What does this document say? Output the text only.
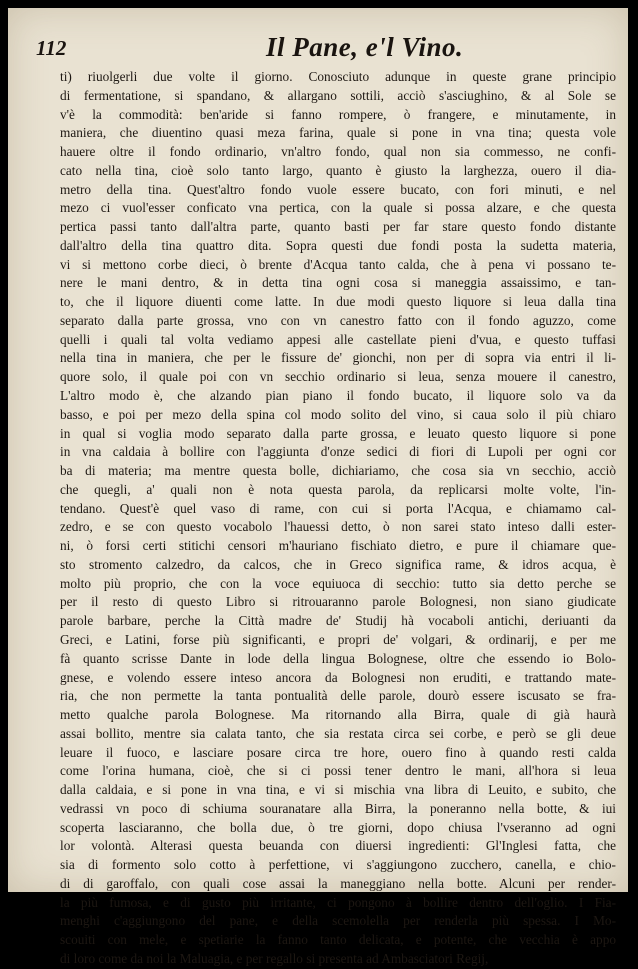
112	Il Pane, e'l Vino.
ti) riuolgerli due volte il giorno. Conosciuto adunque in queste grane principio
di fermentatione, si spandano, & allargano sottili, acciò s'asciughino, & al Sole se
v'è la commodità: ben'aride si fanno rompere, ò frangere, e minutamente, in
maniera, che diuentino quasi meza farina, quale si pone in vna tina; questa vole
hauere oltre il fondo ordinario, vn'altro fondo, qual non sia commesso, ne confi-
cato nella tina, cioè solo tanto largo, quanto è giusto la larghezza, ouero il dia-
metro della tina. Quest'altro fondo vuole essere bucato, con fori minuti, e nel
mezo ci vuol'esser conficato vna pertica, con la quale si possa alzare, e che questa
pertica passi tanto dall'altra parte, quanto basti per far stare questo fondo distante
dall'altro della tina quattro dita. Sopra questi due fondi posta la sudetta materia,
vi si mettono corbe dieci, ò brente d'Acqua tanto calda, che à pena vi possano te-
nere le mani dentro, & in detta tina ogni cosa si maneggia assaissimo, e tan-
to, che il liquore diuenti come latte. In due modi questo liquore si leua dalla tina
separato dalla parte grossa, vno con vn canestro fatto con il fondo aguzzo, come
quelli i quali tal volta vediamo appesi alle castellate pieni d'vua, e questo tuffasi
nella tina in maniera, che per le fissure de' gionchi, non per di sopra via entri il li-
quore solo, il quale poi con vn secchio ordinario si leua, senza mouere il canestro,
L'altro modo è, che alzando pian piano il fondo bucato, il liquore solo va da
basso, e poi per mezo della spina col modo solito del vino, si caua solo il più chiaro
in qual si voglia modo separato dalla parte grossa, e leuato questo liquore si pone
in vna caldaia à bollire con l'aggiunta d'onze sedici di fiori di Lupoli per ogni cor
ba di materia; ma mentre questa bolle, dichiariamo, che cosa sia vn secchio, acciò
che quegli, a' quali non è nota questa parola, da replicarsi molte volte, l'in-
tendano. Quest'è quel vaso di rame, con cui si porta l'Acqua, e chiamamo cal-
zedro, e se con questo vocabolo l'hauessi detto, ò non sarei stato inteso dalli ester-
ni, ò forsi certi stitichi censori m'hauriano fischiato dietro, e pure il chiamare que-
sto stromento calzedro, da calcos, che in Greco significa rame, & idros acqua, è
molto più proprio, che con la voce equiuoca di secchio: tutto sia detto perche se
per il resto di questo Libro si ritrouaranno parole Bolognesi, non siano giudicate
parole barbare, perche la Città madre de' Studij hà vocaboli antichi, deriuanti da
Greci, e Latini, forse più significanti, e propri de' volgari, & ordinarij, e per me
fà quanto scrisse Dante in lode della lingua Bolognese, oltre che essendo io Bolo-
gnese, e volendo essere inteso ancora da Bolognesi non eruditi, e trattando mate-
ria, che non permette la tanta pontualità delle parole, dourò essere iscusato se fra-
metto qualche parola Bolognese. Ma ritornando alla Birra, quale di già haurà
assai bollito, mentre sia calata tanto, che sia restata circa sei corbe, e però se gli deue
leuare il fuoco, e lasciare posare circa tre hore, ouero fino à quando resti calda
come l'orina humana, cioè, che si ci possi tener dentro le mani, all'hora si leua
dalla caldaia, e si pone in vna tina, e vi si mischia vna libra di Leuito, e subito, che
vedrassi vn poco di schiuma souranatare alla Birra, la poneranno nella botte, & iui
scoperta lasciaranno, che bolla due, ò tre giorni, dopo chiusa l'vseranno ad ogni
lor volontà. Alterasi questa beuanda con diuersi ingredienti: Gl'Inglesi fatta, che
sia di formento solo cotto à perfettione, vi s'aggiungono zucchero, canella, e chio-
di di garoffalo, con quali cose assai la maneggiano nella botte. Alcuni per render-
la più fumosa, e di gusto più irritante, ci pongono à bollire dentro dell'oglio. I Fia-
menghi c'aggiungono del pane, e della scemolella per renderla più spessa. I Mo-
scouiti con mele, e spetiarie la fanno tanto delicata, e potente, che vecchia è appo
di loro come da noi la Maluagia, e per regallo si presenta ad Ambasciatori Regij,
